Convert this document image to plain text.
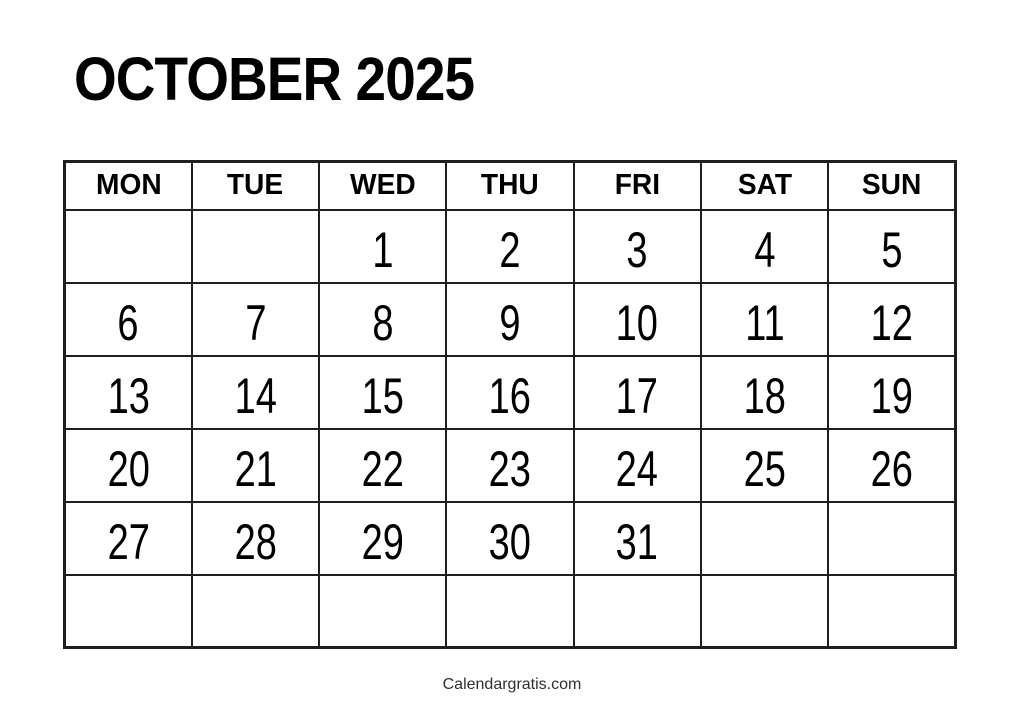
OCTOBER 2025
MON	TUE	WED	THU	FRI	SAT	SUN
		1	2	3	4	5
6	7	8	9	10	11	12
13	14	15	16	17	18	19
20	21	22	23	24	25	26
27	28	29	30	31		

Calendargratis.com
